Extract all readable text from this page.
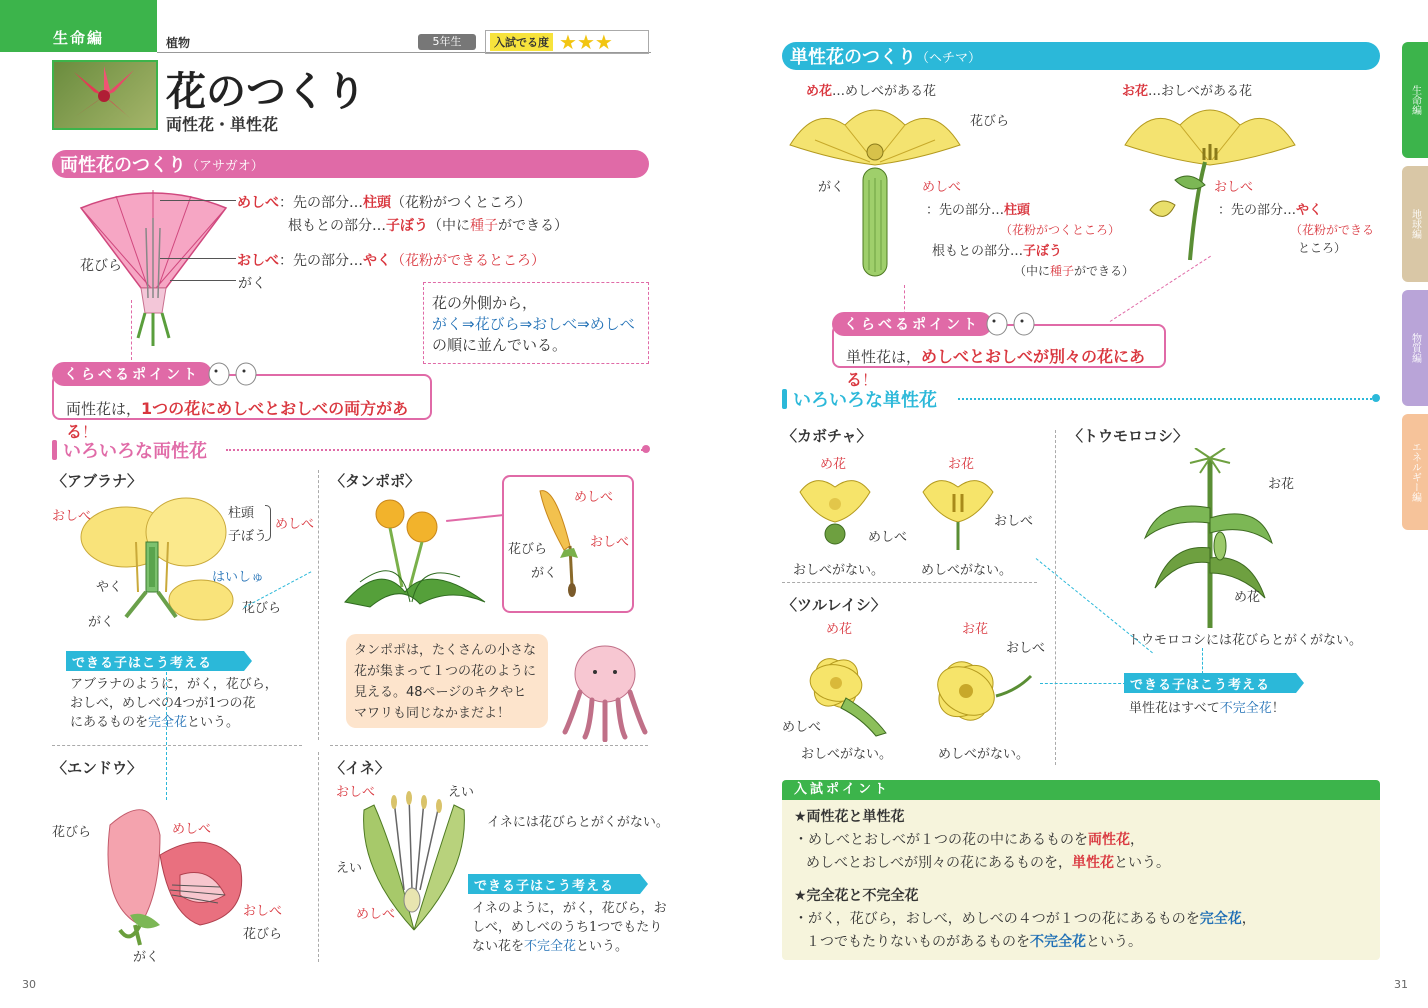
生命編	植物	5年生	入試でる度 ★ ★ ★
花のつくり
両性花・単性花
両性花のつくり （アサガオ）
めしべ：先の部分…柱頭（花粉がつくところ）
根もとの部分…子ぼう（中に種子ができる）
おしべ：先の部分…やく（花粉ができるところ）
がく
花びら
花の外側から，
がく⇒花びら⇒おしべ⇒めしべ
の順に並んでいる。
両性花は，1つの花にめしべとおしべの両方がある！
くらべるポイント
いろいろな両性花
〈アブラナ〉
おしべ	柱頭
子ぼう
めしべ
やく
はいしゅ
がく
花びら
できる子はこう考える
アブラナのように，がく，花びら，
おしべ，めしべの4つが1つの花
にあるものを完全花という。
〈タンポポ〉
めしべ
おしべ
花びら
がく
タンポポは，たくさんの小さな
花が集まって１つの花のように
見える。48ページのキクやヒ
マワリも同じなかまだよ！
〈エンドウ〉
花びら	めしべ
おしべ
花びら
がく
〈イネ〉
おしべ	えい
えい
めしべ
イネには花びらとがくがない。
できる子はこう考える
イネのように，がく，花びら，お
しべ，めしべのうち1つでもたり
ない花を不完全花という。
30
単性花のつくり （ヘチマ）
め花…めしべがある花	お花…おしべがある花
花びら
がく	めしべ
：先の部分…柱頭
（花粉がつくところ）
根もとの部分…子ぼう
（中に種子ができる）
おしべ
：先の部分…やく
（花粉ができる
ところ）
単性花は，めしべとおしべが別々の花にある！
くらべるポイント
いろいろな単性花
〈カボチャ〉
め花	お花
めしべ
おしべ
おしべがない。	めしべがない。
〈ツルレイシ〉
め花	お花
めしべ
おしべ
おしべがない。	めしべがない。
〈トウモロコシ〉
お花
め花
トウモロコシには花びらとがくがない。
できる子はこう考える
単性花はすべて不完全花！
入試ポイント
★両性花と単性花
・めしべとおしべが１つの花の中にあるものを両性花，
めしべとおしべが別々の花にあるものを，単性花という。
★完全花と不完全花
・がく，花びら，おしべ，めしべの４つが１つの花にあるものを完全花，
１つでもたりないものがあるものを不完全花という。
生命編
地球編
物質編
エネルギー編
31
